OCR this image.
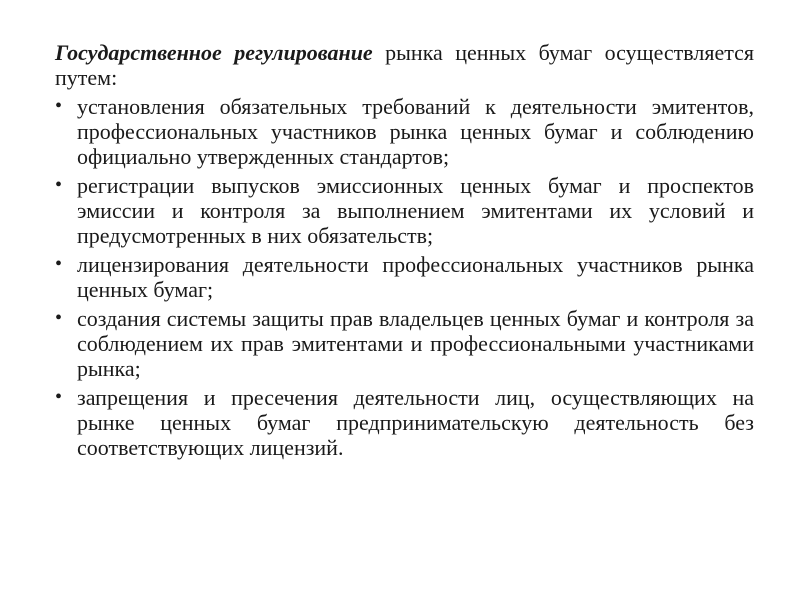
Государственное регулирование рынка ценных бумаг осуществляется путем:

• установления обязательных требований к деятельности эмитентов, профессиональных участников рынка ценных бумаг и соблюдению официально утвержденных стандартов;
• регистрации выпусков эмиссионных ценных бумаг и проспектов эмиссии и контроля за выполнением эмитентами их условий и предусмотренных в них обязательств;
• лицензирования деятельности профессиональных участников рынка ценных бумаг;
• создания системы защиты прав владельцев ценных бумаг и контроля за соблюдением их прав эмитентами и профессиональными участниками рынка;
• запрещения и пресечения деятельности лиц, осуществляющих на рынке ценных бумаг предпринимательскую деятельность без соответствующих лицензий.
